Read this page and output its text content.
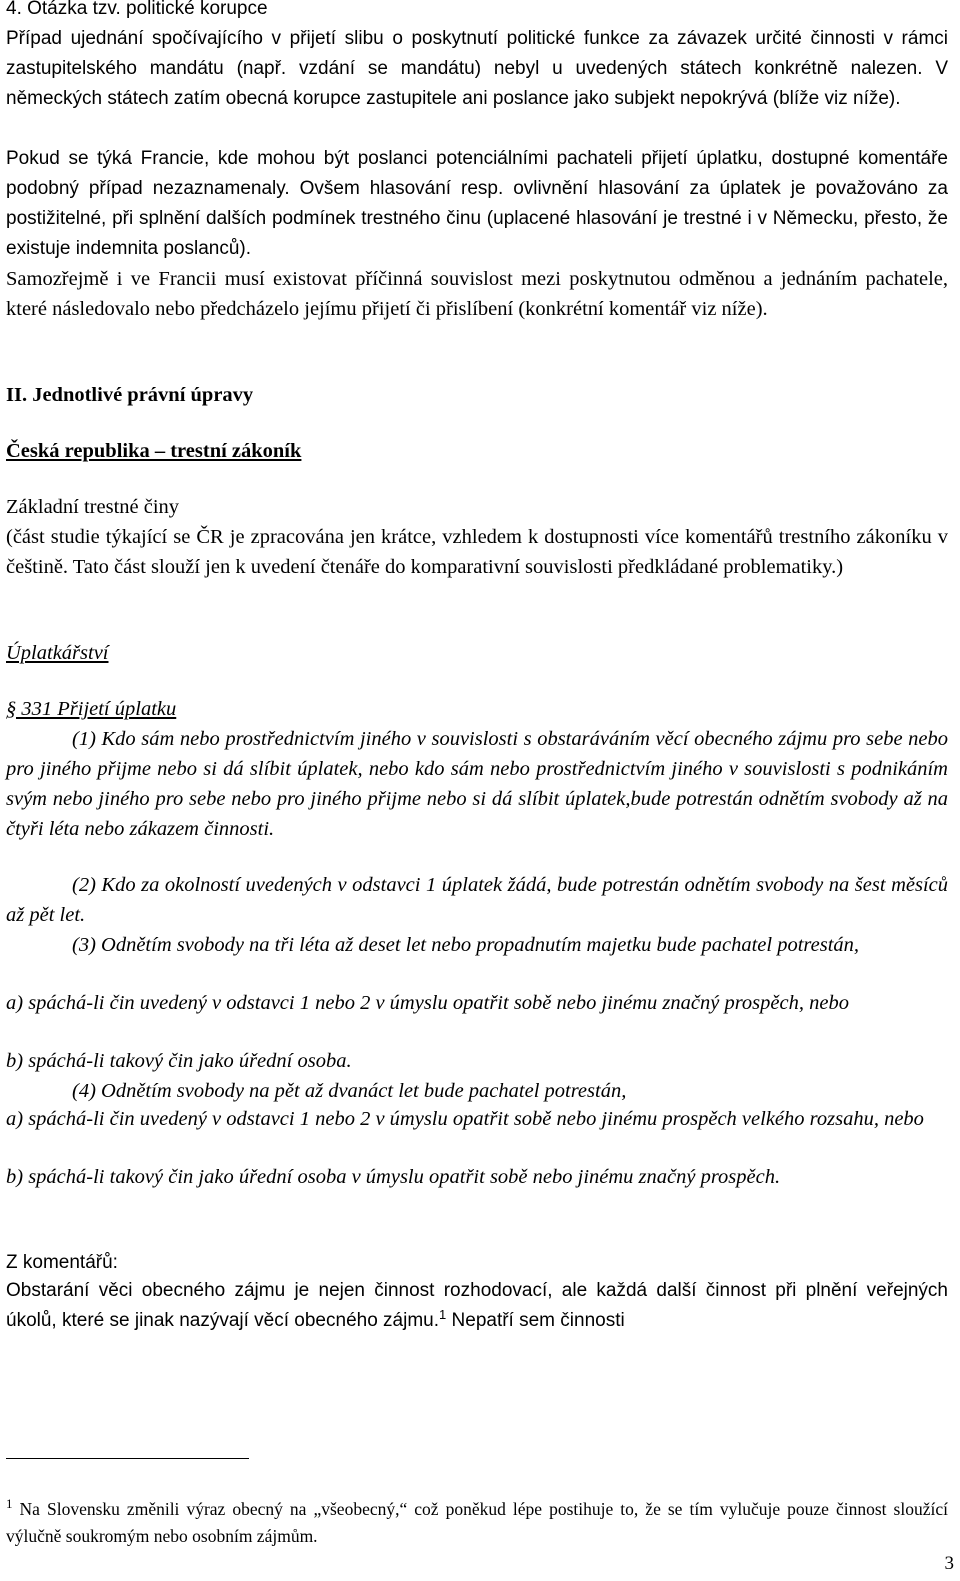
4. Otázka tzv. politické korupce

Případ ujednání spočívajícího v přijetí slibu o poskytnutí politické funkce za závazek určité činnosti v rámci zastupitelského mandátu (např. vzdání se mandátu) nebyl u uvedených státech konkrétně nalezen. V německých státech zatím obecná korupce zastupitele ani poslance jako subjekt nepokrývá (blíže viz níže).

Pokud se týká Francie, kde mohou být poslanci potenciálními pachateli přijetí úplatku, dostupné komentáře podobný případ nezaznamenaly. Ovšem hlasování resp. ovlivnění hlasování za úplatek je považováno za postižitelné, při splnění dalších podmínek trestného činu (uplacené hlasování je trestné i v Německu, přesto, že existuje indemnita poslanců).

Samozřejmě i ve Francii musí existovat příčinná souvislost mezi poskytnutou odměnou a jednáním pachatele, které následovalo nebo předcházelo jejímu přijetí či přislíbení (konkrétní komentář viz níže).

II. Jednotlivé právní úpravy

Česká republika – trestní zákoník

Základní trestné činy

(část studie týkající se ČR je zpracována jen krátce, vzhledem k dostupnosti více komentářů trestního zákoníku v češtině. Tato část slouží jen k uvedení čtenáře do komparativní souvislosti předkládané problematiky.)

Úplatkářství

§ 331 Přijetí úplatku

(1) Kdo sám nebo prostřednictvím jiného v souvislosti s obstaráváním věcí obecného zájmu pro sebe nebo pro jiného přijme nebo si dá slíbit úplatek, nebo kdo sám nebo prostřednictvím jiného v souvislosti s podnikáním svým nebo jiného pro sebe nebo pro jiného přijme nebo si dá slíbit úplatek,bude potrestán odnětím svobody až na čtyři léta nebo zákazem činnosti.

(2) Kdo za okolností uvedených v odstavci 1 úplatek žádá, bude potrestán odnětím svobody na šest měsíců až pět let.

(3) Odnětím svobody na tři léta až deset let nebo propadnutím majetku bude pachatel potrestán,

a) spáchá-li čin uvedený v odstavci 1 nebo 2 v úmyslu opatřit sobě nebo jinému značný prospěch, nebo

b) spáchá-li takový čin jako úřední osoba.

(4) Odnětím svobody na pět až dvanáct let bude pachatel potrestán,

a) spáchá-li čin uvedený v odstavci 1 nebo 2 v úmyslu opatřit sobě nebo jinému prospěch velkého rozsahu, nebo

b) spáchá-li takový čin jako úřední osoba v úmyslu opatřit sobě nebo jinému značný prospěch.

Z komentářů:

Obstarání věci obecného zájmu je nejen činnost rozhodovací, ale každá další činnost při plnění veřejných úkolů, které se jinak nazývají věcí obecného zájmu.$^1$ Nepatří sem činnosti

$^1$ Na Slovensku změnili výraz obecný na „všeobecný,“ což poněkud lépe postihuje to, že se tím vylučuje pouze činnost sloužící výlučně soukromým nebo osobním zájmům.

3
